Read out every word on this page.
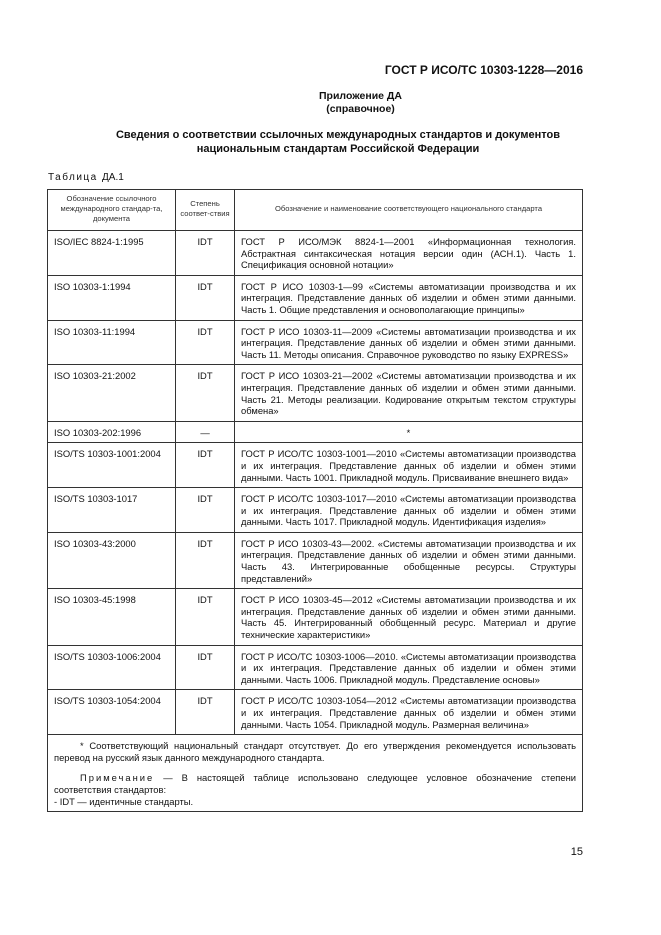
ГОСТ Р ИСО/ТС 10303-1228—2016
Приложение ДА
(справочное)
Сведения о соответствии ссылочных международных стандартов и документов национальным стандартам Российской Федерации
Таблица ДА.1
Обозначение ссылочного международного стандар-та, документа	Степень соответ-ствия	Обозначение и наименование соответствующего национального стандарта
ISO/IEC 8824-1:1995	IDT	ГОСТ Р ИСО/МЭК 8824-1—2001 «Информационная технология. Абстрактная синтаксическая нотация версии один (АСН.1). Часть 1. Спецификация основной нотации»
ISO 10303-1:1994	IDT	ГОСТ Р ИСО 10303-1—99 «Системы автоматизации производства и их интеграция. Представление данных об изделии и обмен этими данными. Часть 1. Общие представления и основополагающие принципы»
ISO 10303-11:1994	IDT	ГОСТ Р ИСО 10303-11—2009 «Системы автоматизации производства и их интеграция. Представление данных об изделии и обмен этими данными. Часть 11. Методы описания. Справочное руководство по языку EXPRESS»
ISO 10303-21:2002	IDT	ГОСТ Р ИСО 10303-21—2002 «Системы автоматизации производства и их интеграция. Представление данных об изделии и обмен этими данными. Часть 21. Методы реализации. Кодирование открытым текстом структуры обмена»
ISO 10303-202:1996	—	*
ISO/TS 10303-1001:2004	IDT	ГОСТ Р ИСО/ТС 10303-1001—2010 «Системы автоматизации производства и их интеграция. Представление данных об изделии и обмен этими данными. Часть 1001. Прикладной модуль. Присваивание внешнего вида»
ISO/TS 10303-1017	IDT	ГОСТ Р ИСО/ТС 10303-1017—2010 «Системы автоматизации производства и их интеграция. Представление данных об изделии и обмен этими данными. Часть 1017. Прикладной модуль. Идентификация изделия»
ISO 10303-43:2000	IDT	ГОСТ Р ИСО 10303-43—2002. «Системы автоматизации производства и их интеграция. Представление данных об изделии и обмен этими данными. Часть 43. Интегрированные обобщенные ресурсы. Структуры представлений»
ISO 10303-45:1998	IDT	ГОСТ Р ИСО 10303-45—2012 «Системы автоматизации производства и их интеграция. Представление данных об изделии и обмен этими данными. Часть 45. Интегрированный обобщенный ресурс. Материал и другие технические характеристики»
ISO/TS 10303-1006:2004	IDT	ГОСТ Р ИСО/ТС 10303-1006—2010. «Системы автоматизации производства и их интеграция. Представление данных об изделии и обмен этими данными. Часть 1006. Прикладной модуль. Представление основы»
ISO/TS 10303-1054:2004	IDT	ГОСТ Р ИСО/ТС 10303-1054—2012 «Системы автоматизации производства и их интеграция. Представление данных об изделии и обмен этими данными. Часть 1054. Прикладной модуль. Размерная величина»

* Соответствующий национальный стандарт отсутствует. До его утверждения рекомендуется использовать перевод на русский язык данного международного стандарта.

Примечание — В настоящей таблице использовано следующее условное обозначение степени соответствия стандартов:

- IDT — идентичные стандарты.		

15
